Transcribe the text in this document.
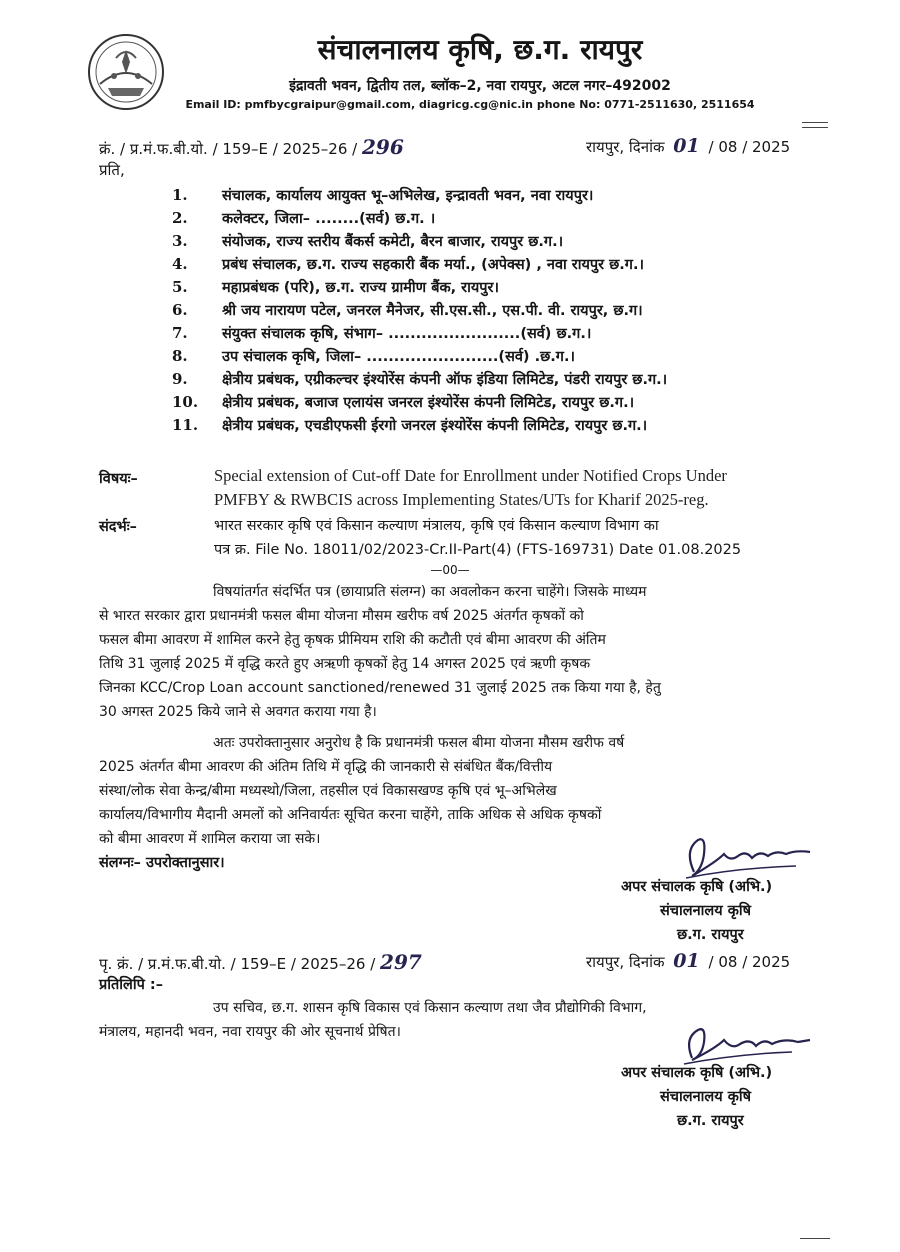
संचालनालय कृषि, छ.ग. रायपुर
इंद्रावती भवन, द्वितीय तल, ब्लॉक–2, नवा रायपुर, अटल नगर–492002
Email ID: pmfbycgraipur@gmail.com, diagricg.cg@nic.in phone No: 0771-2511630, 2511654
क्रं. / प्र.मं.फ.बी.यो. / 159–E / 2025–26 / 296	रायपुर, दिनांक 01 / 08 / 2025
प्रति,
1. संचालक, कार्यालय आयुक्त भू–अभिलेख, इन्द्रावती भवन, नवा रायपुर।
2. कलेक्टर, जिला– ........(सर्व) छ.ग. ।
3. संयोजक, राज्य स्तरीय बैंकर्स कमेटी, बैरन बाजार, रायपुर छ.ग.।
4. प्रबंध संचालक, छ.ग. राज्य सहकारी बैंक मर्या., (अपेक्स) , नवा रायपुर छ.ग.।
5. महाप्रबंधक (परि), छ.ग. राज्य ग्रामीण बैंक, रायपुर।
6. श्री जय नारायण पटेल, जनरल मैनेजर, सी.एस.सी., एस.पी. वी. रायपुर, छ.ग।
7. संयुक्त संचालक कृषि, संभाग– ........................(सर्व) छ.ग.।
8. उप संचालक कृषि, जिला– ........................(सर्व) .छ.ग.।
9. क्षेत्रीय प्रबंधक, एग्रीकल्चर इंश्योरेंस कंपनी ऑफ इंडिया लिमिटेड, पंडरी रायपुर छ.ग.।
10. क्षेत्रीय प्रबंधक, बजाज एलायंस जनरल इंश्योरेंस कंपनी लिमिटेड, रायपुर छ.ग.।
11. क्षेत्रीय प्रबंधक, एचडीएफसी ईरगो जनरल इंश्योरेंस कंपनी लिमिटेड, रायपुर छ.ग.।
विषयः–	Special extension of Cut-off Date for Enrollment under Notified Crops Under
PMFBY & RWBCIS across Implementing States/UTs for Kharif 2025-reg.
संदर्भः–	भारत सरकार कृषि एवं किसान कल्याण मंत्रालय, कृषि एवं किसान कल्याण विभाग का
पत्र क्र. File No. 18011/02/2023-Cr.II-Part(4) (FTS-169731) Date 01.08.2025
—00—
विषयांतर्गत संदर्भित पत्र (छायाप्रति संलग्न) का अवलोकन करना चाहेंगे। जिसके माध्यम
से भारत सरकार द्वारा प्रधानमंत्री फसल बीमा योजना मौसम खरीफ वर्ष 2025 अंतर्गत कृषकों को
फसल बीमा आवरण में शामिल करने हेतु कृषक प्रीमियम राशि की कटौती एवं बीमा आवरण की अंतिम
तिथि 31 जुलाई 2025 में वृद्धि करते हुए अऋणी कृषकों हेतु 14 अगस्त 2025 एवं ऋणी कृषक
जिनका KCC/Crop Loan account sanctioned/renewed 31 जुलाई 2025 तक किया गया है, हेतु
30 अगस्त 2025 किये जाने से अवगत कराया गया है।
अतः उपरोक्तानुसार अनुरोध है कि प्रधानमंत्री फसल बीमा योजना मौसम खरीफ वर्ष
2025 अंतर्गत बीमा आवरण की अंतिम तिथि में वृद्धि की जानकारी से संबंधित बैंक/वित्तीय
संस्था/लोक सेवा केन्द्र/बीमा मध्यस्थो/जिला, तहसील एवं विकासखण्ड कृषि एवं भू–अभिलेख
कार्यालय/विभागीय मैदानी अमलों को अनिवार्यतः सूचित करना चाहेंगे, ताकि अधिक से अधिक कृषकों
को बीमा आवरण में शामिल कराया जा सके।
संलग्नः– उपरोक्तानुसार।
अपर संचालक कृषि (अभि.)
संचालनालय कृषि
छ.ग. रायपुर
पृ. क्रं. / प्र.मं.फ.बी.यो. / 159–E / 2025–26 / 297	रायपुर, दिनांक 01 / 08 / 2025
प्रतिलिपि :–
उप सचिव, छ.ग. शासन कृषि विकास एवं किसान कल्याण तथा जैव प्रौद्योगिकी विभाग,
मंत्रालय, महानदी भवन, नवा रायपुर की ओर सूचनार्थ प्रेषित।
अपर संचालक कृषि (अभि.)
संचालनालय कृषि
छ.ग. रायपुर
